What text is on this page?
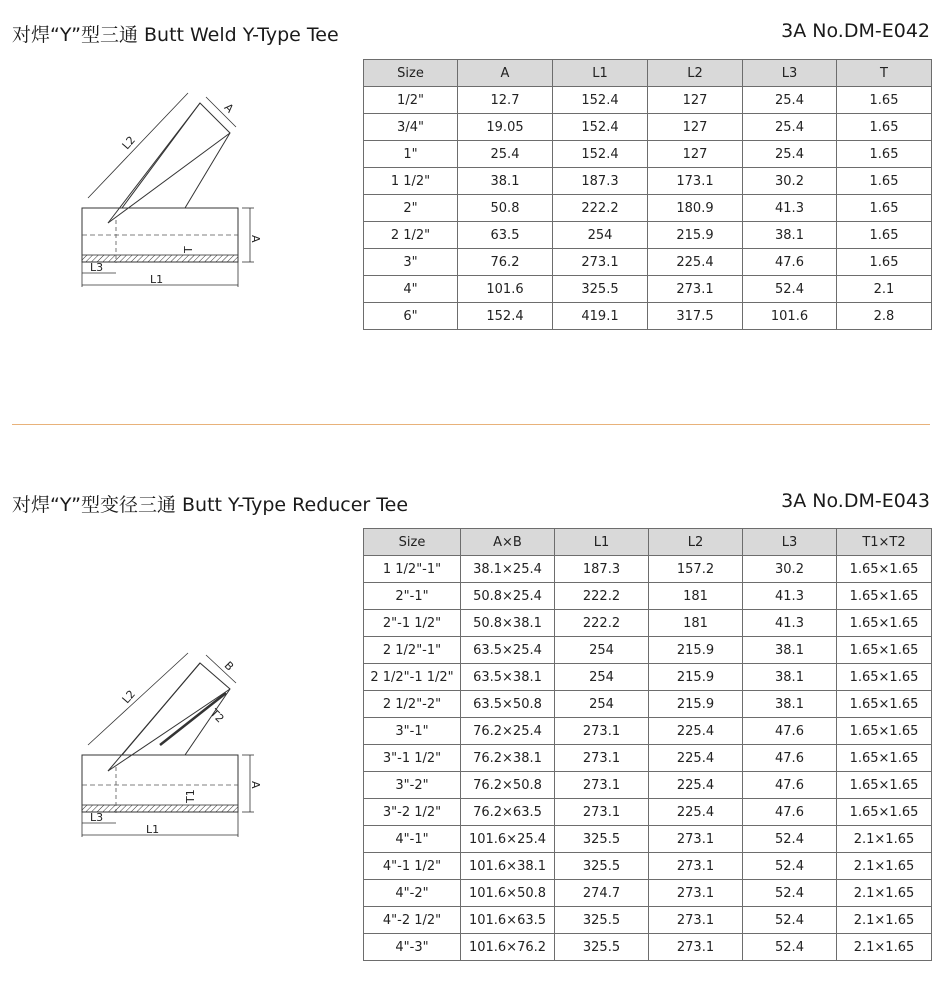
对焊“Y”型三通 Butt Weld Y-Type Tee	3A No.DM-E042
L2
A
A
T
L3
L1
Size	A	L1	L2	L3	T
1/2"	12.7	152.4	127	25.4	1.65
3/4"	19.05	152.4	127	25.4	1.65
1"	25.4	152.4	127	25.4	1.65
1 1/2"	38.1	187.3	173.1	30.2	1.65
2"	50.8	222.2	180.9	41.3	1.65
2 1/2"	63.5	254	215.9	38.1	1.65
3"	76.2	273.1	225.4	47.6	1.65
4"	101.6	325.5	273.1	52.4	2.1
6"	152.4	419.1	317.5	101.6	2.8
对焊“Y”型变径三通 Butt Y-Type Reducer Tee	3A No.DM-E043
L2
B
T2
A
T1
L3
L1
Size	A×B	L1	L2	L3	T1×T2
1 1/2"-1"	38.1×25.4	187.3	157.2	30.2	1.65×1.65
2"-1"	50.8×25.4	222.2	181	41.3	1.65×1.65
2"-1 1/2"	50.8×38.1	222.2	181	41.3	1.65×1.65
2 1/2"-1"	63.5×25.4	254	215.9	38.1	1.65×1.65
2 1/2"-1 1/2"	63.5×38.1	254	215.9	38.1	1.65×1.65
2 1/2"-2"	63.5×50.8	254	215.9	38.1	1.65×1.65
3"-1"	76.2×25.4	273.1	225.4	47.6	1.65×1.65
3"-1 1/2"	76.2×38.1	273.1	225.4	47.6	1.65×1.65
3"-2"	76.2×50.8	273.1	225.4	47.6	1.65×1.65
3"-2 1/2"	76.2×63.5	273.1	225.4	47.6	1.65×1.65
4"-1"	101.6×25.4	325.5	273.1	52.4	2.1×1.65
4"-1 1/2"	101.6×38.1	325.5	273.1	52.4	2.1×1.65
4"-2"	101.6×50.8	274.7	273.1	52.4	2.1×1.65
4"-2 1/2"	101.6×63.5	325.5	273.1	52.4	2.1×1.65
4"-3"	101.6×76.2	325.5	273.1	52.4	2.1×1.65
